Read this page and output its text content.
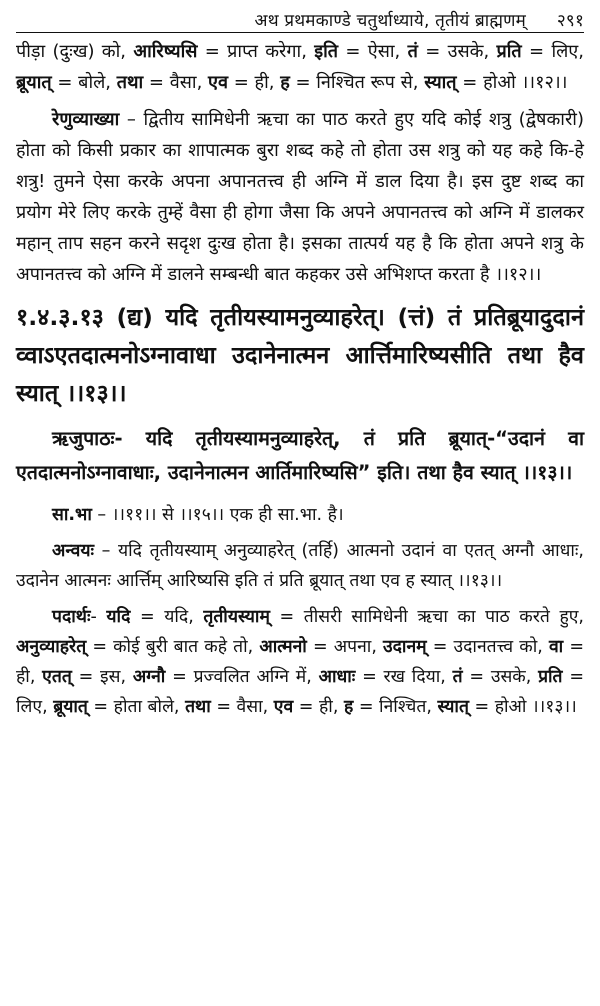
अथ प्रथमकाण्डे चतुर्थाध्याये, तृतीयं ब्राह्मणम्	२९१

पीड़ा (दुःख) को, आरिष्यसि = प्राप्त करेगा, इति = ऐसा, तं = उसके, प्रति = लिए, ब्रूयात् = बोले, तथा = वैसा, एव = ही, ह = निश्चित रूप से, स्यात् = होओ ।।१२।।

रेणुव्याख्या – द्वितीय सामिधेनी ऋचा का पाठ करते हुए यदि कोई शत्रु (द्वेषकारी) होता को किसी प्रकार का शापात्मक बुरा शब्द कहे तो होता उस शत्रु को यह कहे कि-हे शत्रु! तुमने ऐसा करके अपना अपानतत्त्व ही अग्नि में डाल दिया है। इस दुष्ट शब्द का प्रयोग मेरे लिए करके तुम्हें वैसा ही होगा जैसा कि अपने अपानतत्त्व को अग्नि में डालकर महान् ताप सहन करने सदृश दुःख होता है। इसका तात्पर्य यह है कि होता अपने शत्रु के अपानतत्त्व को अग्नि में डालने सम्बन्धी बात कहकर उसे अभिशप्त करता है ।।१२।।

१.४.३.१३ (द्य) यदि तृतीयस्यामनुव्याहरेत्। (त्तं) तं प्रतिब्रूयादुदानं व्वाऽएतदात्मनोऽग्नावाधा उदानेनात्मन आर्त्तिमारिष्यसीति तथा हैव स्यात् ।।१३।।

ऋजुपाठः- यदि तृतीयस्यामनुव्याहरेत्, तं प्रति ब्रूयात्-“उदानं वा एतदात्मनोऽग्नावाधाः, उदानेनात्मन आर्तिमारिष्यसि” इति। तथा हैव स्यात् ।।१३।।

सा.भा – ।।११।। से ।।१५।। एक ही सा.भा. है।

अन्वयः – यदि तृतीयस्याम् अनुव्याहरेत् (तर्हि) आत्मनो उदानं वा एतत् अग्नौ आधाः, उदानेन आत्मनः आर्त्तिम् आरिष्यसि इति तं प्रति ब्रूयात् तथा एव ह स्यात् ।।१३।।

पदार्थः- यदि = यदि, तृतीयस्याम् = तीसरी सामिधेनी ऋचा का पाठ करते हुए, अनुव्याहरेत् = कोई बुरी बात कहे तो, आत्मनो = अपना, उदानम् = उदानतत्त्व को, वा = ही, एतत् = इस, अग्नौ = प्रज्वलित अग्नि में, आधाः = रख दिया, तं = उसके, प्रति = लिए, ब्रूयात् = होता बोले, तथा = वैसा, एव = ही, ह = निश्चित, स्यात् = होओ ।।१३।।
